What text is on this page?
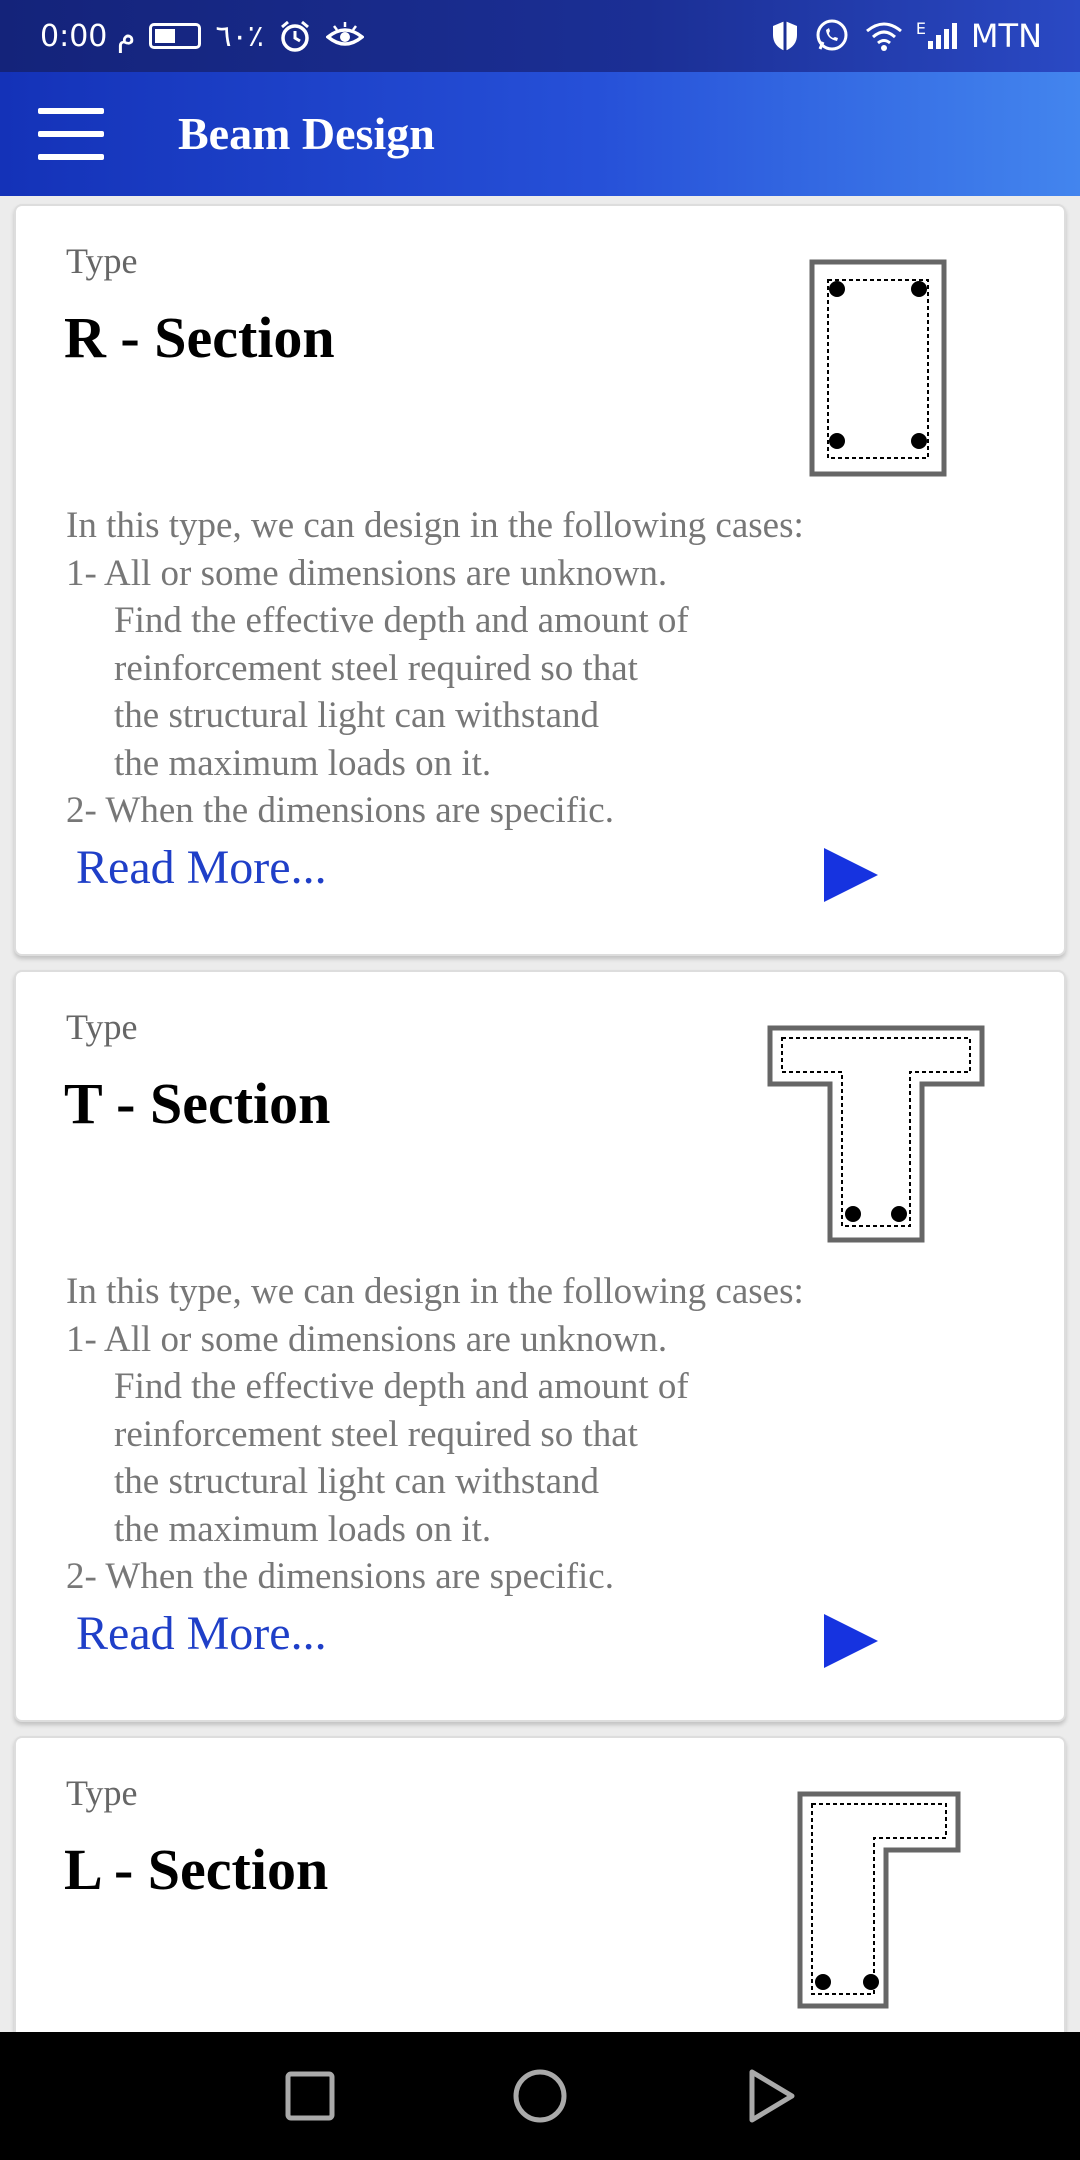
0:00 م	٦٠٪	E MTN
Beam Design
Type
R - Section
In this type, we can design in the following cases:
1- All or some dimensions are unknown.
Find the effective depth and amount of
reinforcement steel required so that
the structural light can withstand
the maximum loads on it.
2- When the dimensions are specific.
Read More...
Type
T - Section
In this type, we can design in the following cases:
1- All or some dimensions are unknown.
Find the effective depth and amount of
reinforcement steel required so that
the structural light can withstand
the maximum loads on it.
2- When the dimensions are specific.
Read More...
Type
L - Section
